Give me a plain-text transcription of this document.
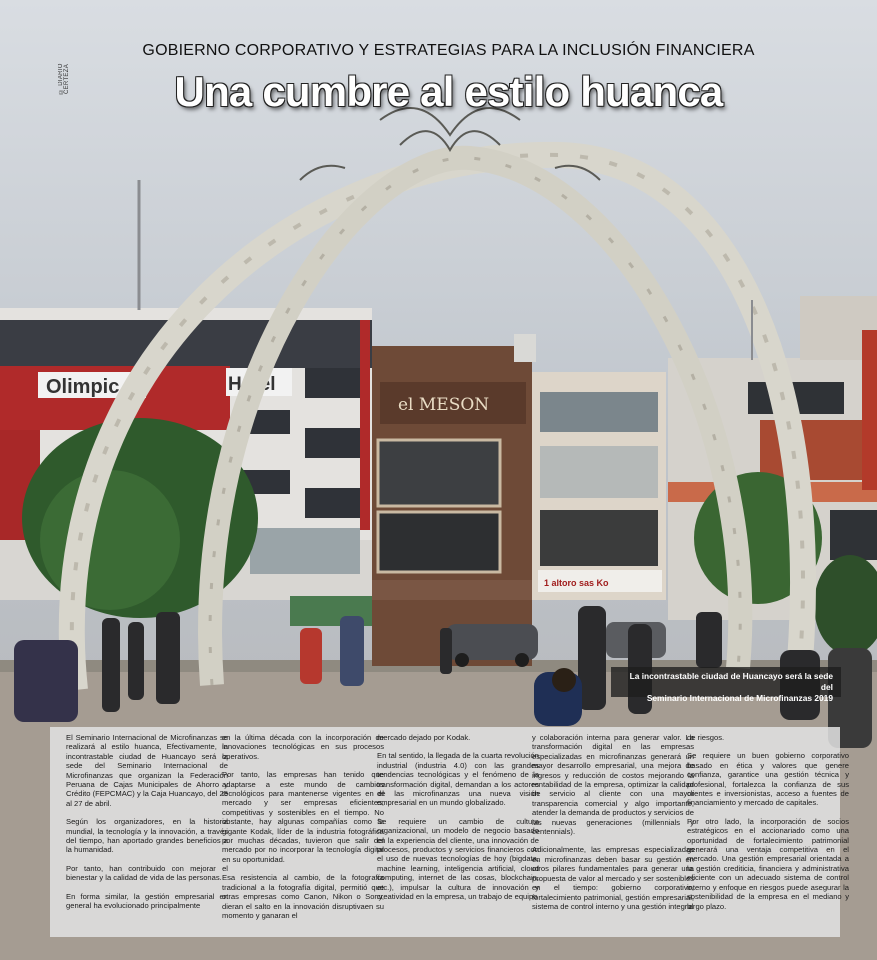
Olimpic	Hotel
el MESON
1 altoro sas Ko
© DIARIO CERTEZA
GOBIERNO CORPORATIVO Y ESTRATEGIAS PARA LA INCLUSIÓN FINANCIERA
Una cumbre al estilo huanca
La incontrastable ciudad de Huancayo será la sede del
Seminario Internacional de Microfinanzas 2019

El Seminario Internacional de Microfinanzas se realizará al estilo huanca, Efectivamente, la incontrastable ciudad de Huancayo será la sede del Seminario Internacional de Microfinanzas que organizan la Federación Peruana de Cajas Municipales de Ahorro y Crédito (FEPCMAC) y la Caja Huancayo, del 25 al 27 de abril.

Según los organizadores, en la historia mundial, la tecnología y la innovación, a través del tiempo, han aportado grandes beneficios a la humanidad.

Por tanto, han contribuido con mejorar el bienestar y la calidad de vida de las personas.

En forma similar, la gestión empresarial en general ha evolucionado principalmente

en la última década con la incorporación de innovaciones tecnológicas en sus procesos operativos.

Por tanto, las empresas han tenido que adaptarse a este mundo de cambios tecnológicos para mantenerse vigentes en el mercado y ser empresas eficientes, competitivas y sostenibles en el tiempo. No obstante, hay algunas compañías como la gigante Kodak, líder de la industria fotográfica por muchas décadas, tuvieron que salir del mercado por no incorporar la tecnología digital en su oportunidad.

Esa resistencia al cambio, de la fotografía tradicional a la fotografía digital, permitió que otras empresas como Canon, Nikon o Sony, dieran el salto en la innovación disruptivaen su momento y ganaran el

mercado dejado por Kodak.

En tal sentido, la llegada de la cuarta revolución industrial (industria 4.0) con las grandes tendencias tecnológicas y el fenómeno de la transformación digital, demandan a los actores de las microfinanzas una nueva visión empresarial en un mundo globalizado.

Se requiere un cambio de cultura organizacional, un modelo de negocio basado en la experiencia del cliente, una innovación de procesos, productos y servicios financieros con el uso de nuevas tecnologías de hoy (bigdata, machine learning, inteligencia artificial, cloud computing, internet de las cosas, blockchain, etc.), impulsar la cultura de innovación y creatividad en la empresa, un trabajo de equipo

y colaboración interna para generar valor. La transformación digital en las empresas especializadas en microfinanzas generará un mayor desarrollo empresarial, una mejora de ingresos y reducción de costos mejorando la rentabilidad de la empresa, optimizar la calidad de servicio al cliente con una mayor transparencia comercial y algo importante, atender la demanda de productos y servicios de las nuevas generaciones (millennials y centennials).

Adicionalmente, las empresas especializadas en microfinanzas deben basar su gestión en otros pilares fundamentales para generar una propuesta de valor al mercado y ser sostenibles en el tiempo: gobierno corporativo, fortalecimiento patrimonial, gestión empresarial, sistema de control interno y una gestión integral

de riesgos.

Se requiere un buen gobierno corporativo basado en ética y valores que genere confianza, garantice una gestión técnica y profesional, fortalezca la confianza de sus clientes e inversionistas, acceso a fuentes de financiamiento y mercado de capitales.

Por otro lado, la incorporación de socios estratégicos en el accionariado como una oportunidad de fortalecimiento patrimonial generará una ventaja competitiva en el mercado. Una gestión empresarial orientada a la gestión crediticia, financiera y administrativa eficiente con un adecuado sistema de control interno y enfoque en riesgos puede asegurar la sostenibilidad de la empresa en el mediano y largo plazo.
